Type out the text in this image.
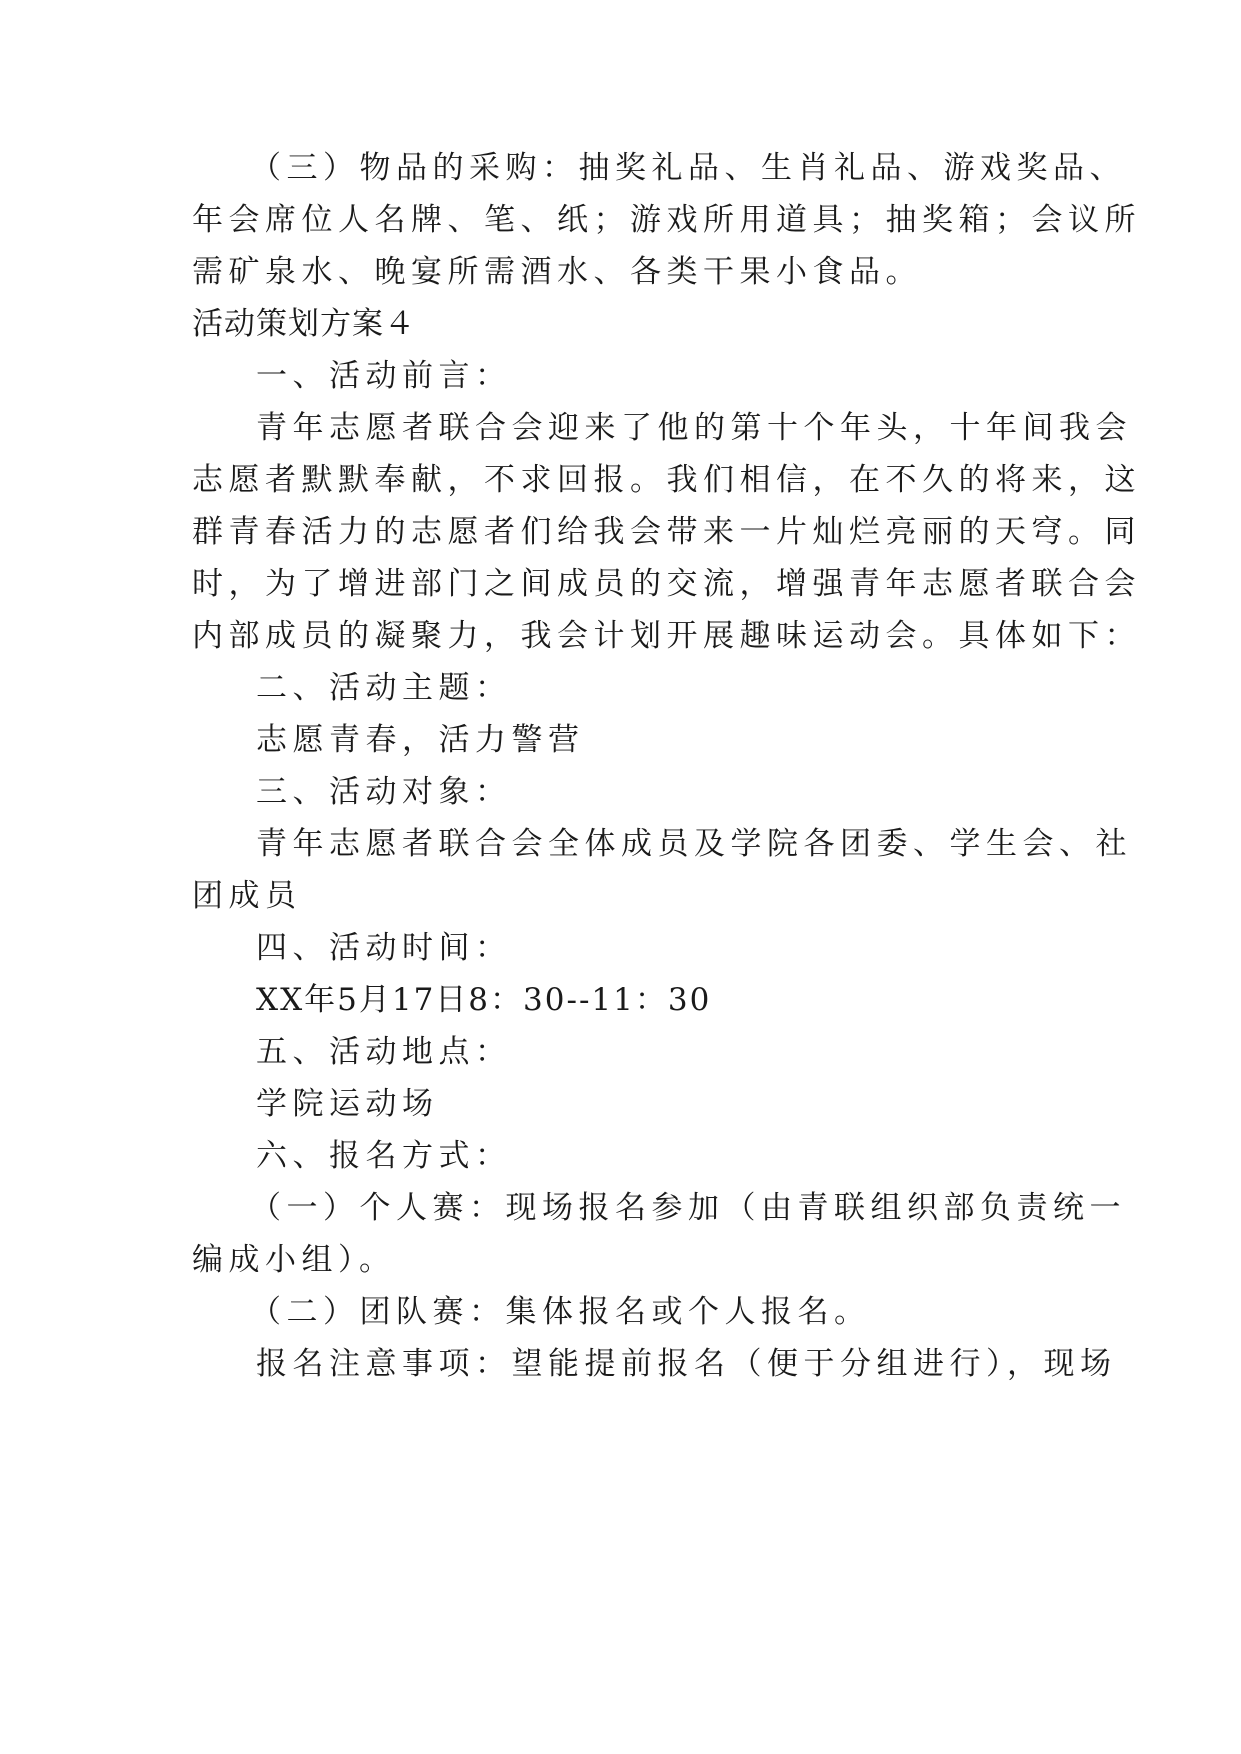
（三）物品的采购：抽奖礼品、生肖礼品、游戏奖品、
年会席位人名牌、笔、纸；游戏所用道具；抽奖箱；会议所
需矿泉水、晚宴所需酒水、各类干果小食品。
活动策划方案４
一、活动前言：
青年志愿者联合会迎来了他的第十个年头，十年间我会
志愿者默默奉献，不求回报。我们相信，在不久的将来，这
群青春活力的志愿者们给我会带来一片灿烂亮丽的天穹。同
时，为了增进部门之间成员的交流，增强青年志愿者联合会
内部成员的凝聚力，我会计划开展趣味运动会。具体如下：
二、活动主题：
志愿青春，活力警营
三、活动对象：
青年志愿者联合会全体成员及学院各团委、学生会、社
团成员
四、活动时间：
XX年5月17日8：30--11：30
五、活动地点：
学院运动场
六、报名方式：
（一）个人赛：现场报名参加（由青联组织部负责统一
编成小组）。
（二）团队赛：集体报名或个人报名。
报名注意事项：望能提前报名（便于分组进行），现场
